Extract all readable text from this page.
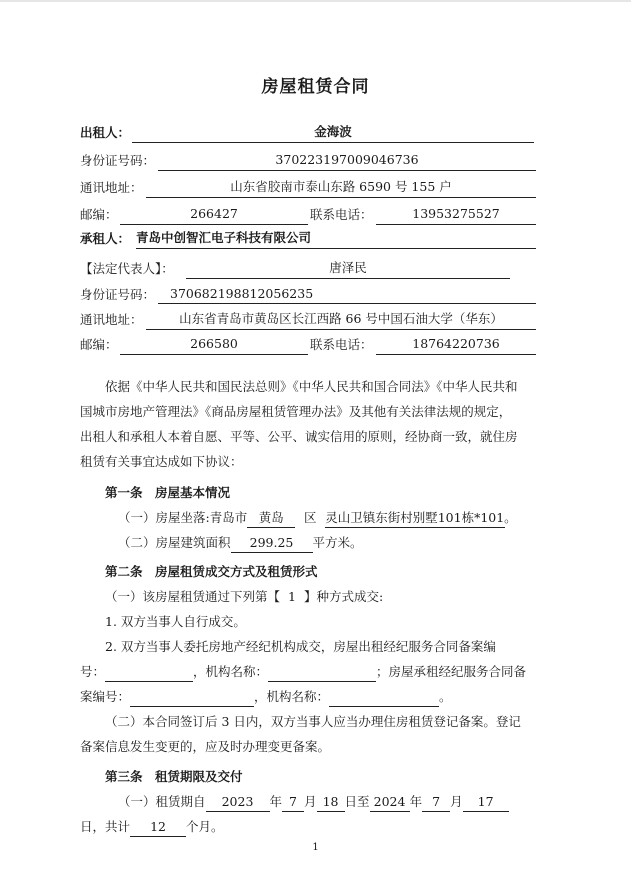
房屋租赁合同
出租人：	金海波
身份证号码：	370223197009046736
通讯地址：	山东省胶南市泰山东路 6590 号 155 户
邮编：	266427	联系电话：	13953275527
承租人： 青岛中创智汇电子科技有限公司
【法定代表人】：	唐泽民
身份证号码：	370682198812056235
通讯地址：	山东省青岛市黄岛区长江西路 66 号中国石油大学（华东）
邮编：	266580	联系电话：	18764220736
依据《中华人民共和国民法总则》《中华人民共和国合同法》《中华人民共和
国城市房地产管理法》《商品房屋租赁管理办法》及其他有关法律法规的规定，
出租人和承租人本着自愿、平等、公平、诚实信用的原则，经协商一致，就住房
租赁有关事宜达成如下协议：
第一条　房屋基本情况
（一）房屋坐落:青岛市 黄岛 区 灵山卫镇东街村别墅101栋*101。
（二）房屋建筑面积 299.25 平方米。
第二条　房屋租赁成交方式及租赁形式
（一）该房屋租赁通过下列第【 1 】种方式成交:
1. 双方当事人自行成交。
2. 双方当事人委托房地产经纪机构成交，房屋出租经纪服务合同备案编
号：	，机构名称：	；房屋承租经纪服务合同备
案编号：	，机构名称：	。
（二）本合同签订后 3 日内，双方当事人应当办理住房租赁登记备案。登记
备案信息发生变更的，应及时办理变更备案。
第三条　租赁期限及交付
（一）租赁期自 2023 年 7 月 18 日至 2024 年 7 月 17
日，共计 12 个月。
1
